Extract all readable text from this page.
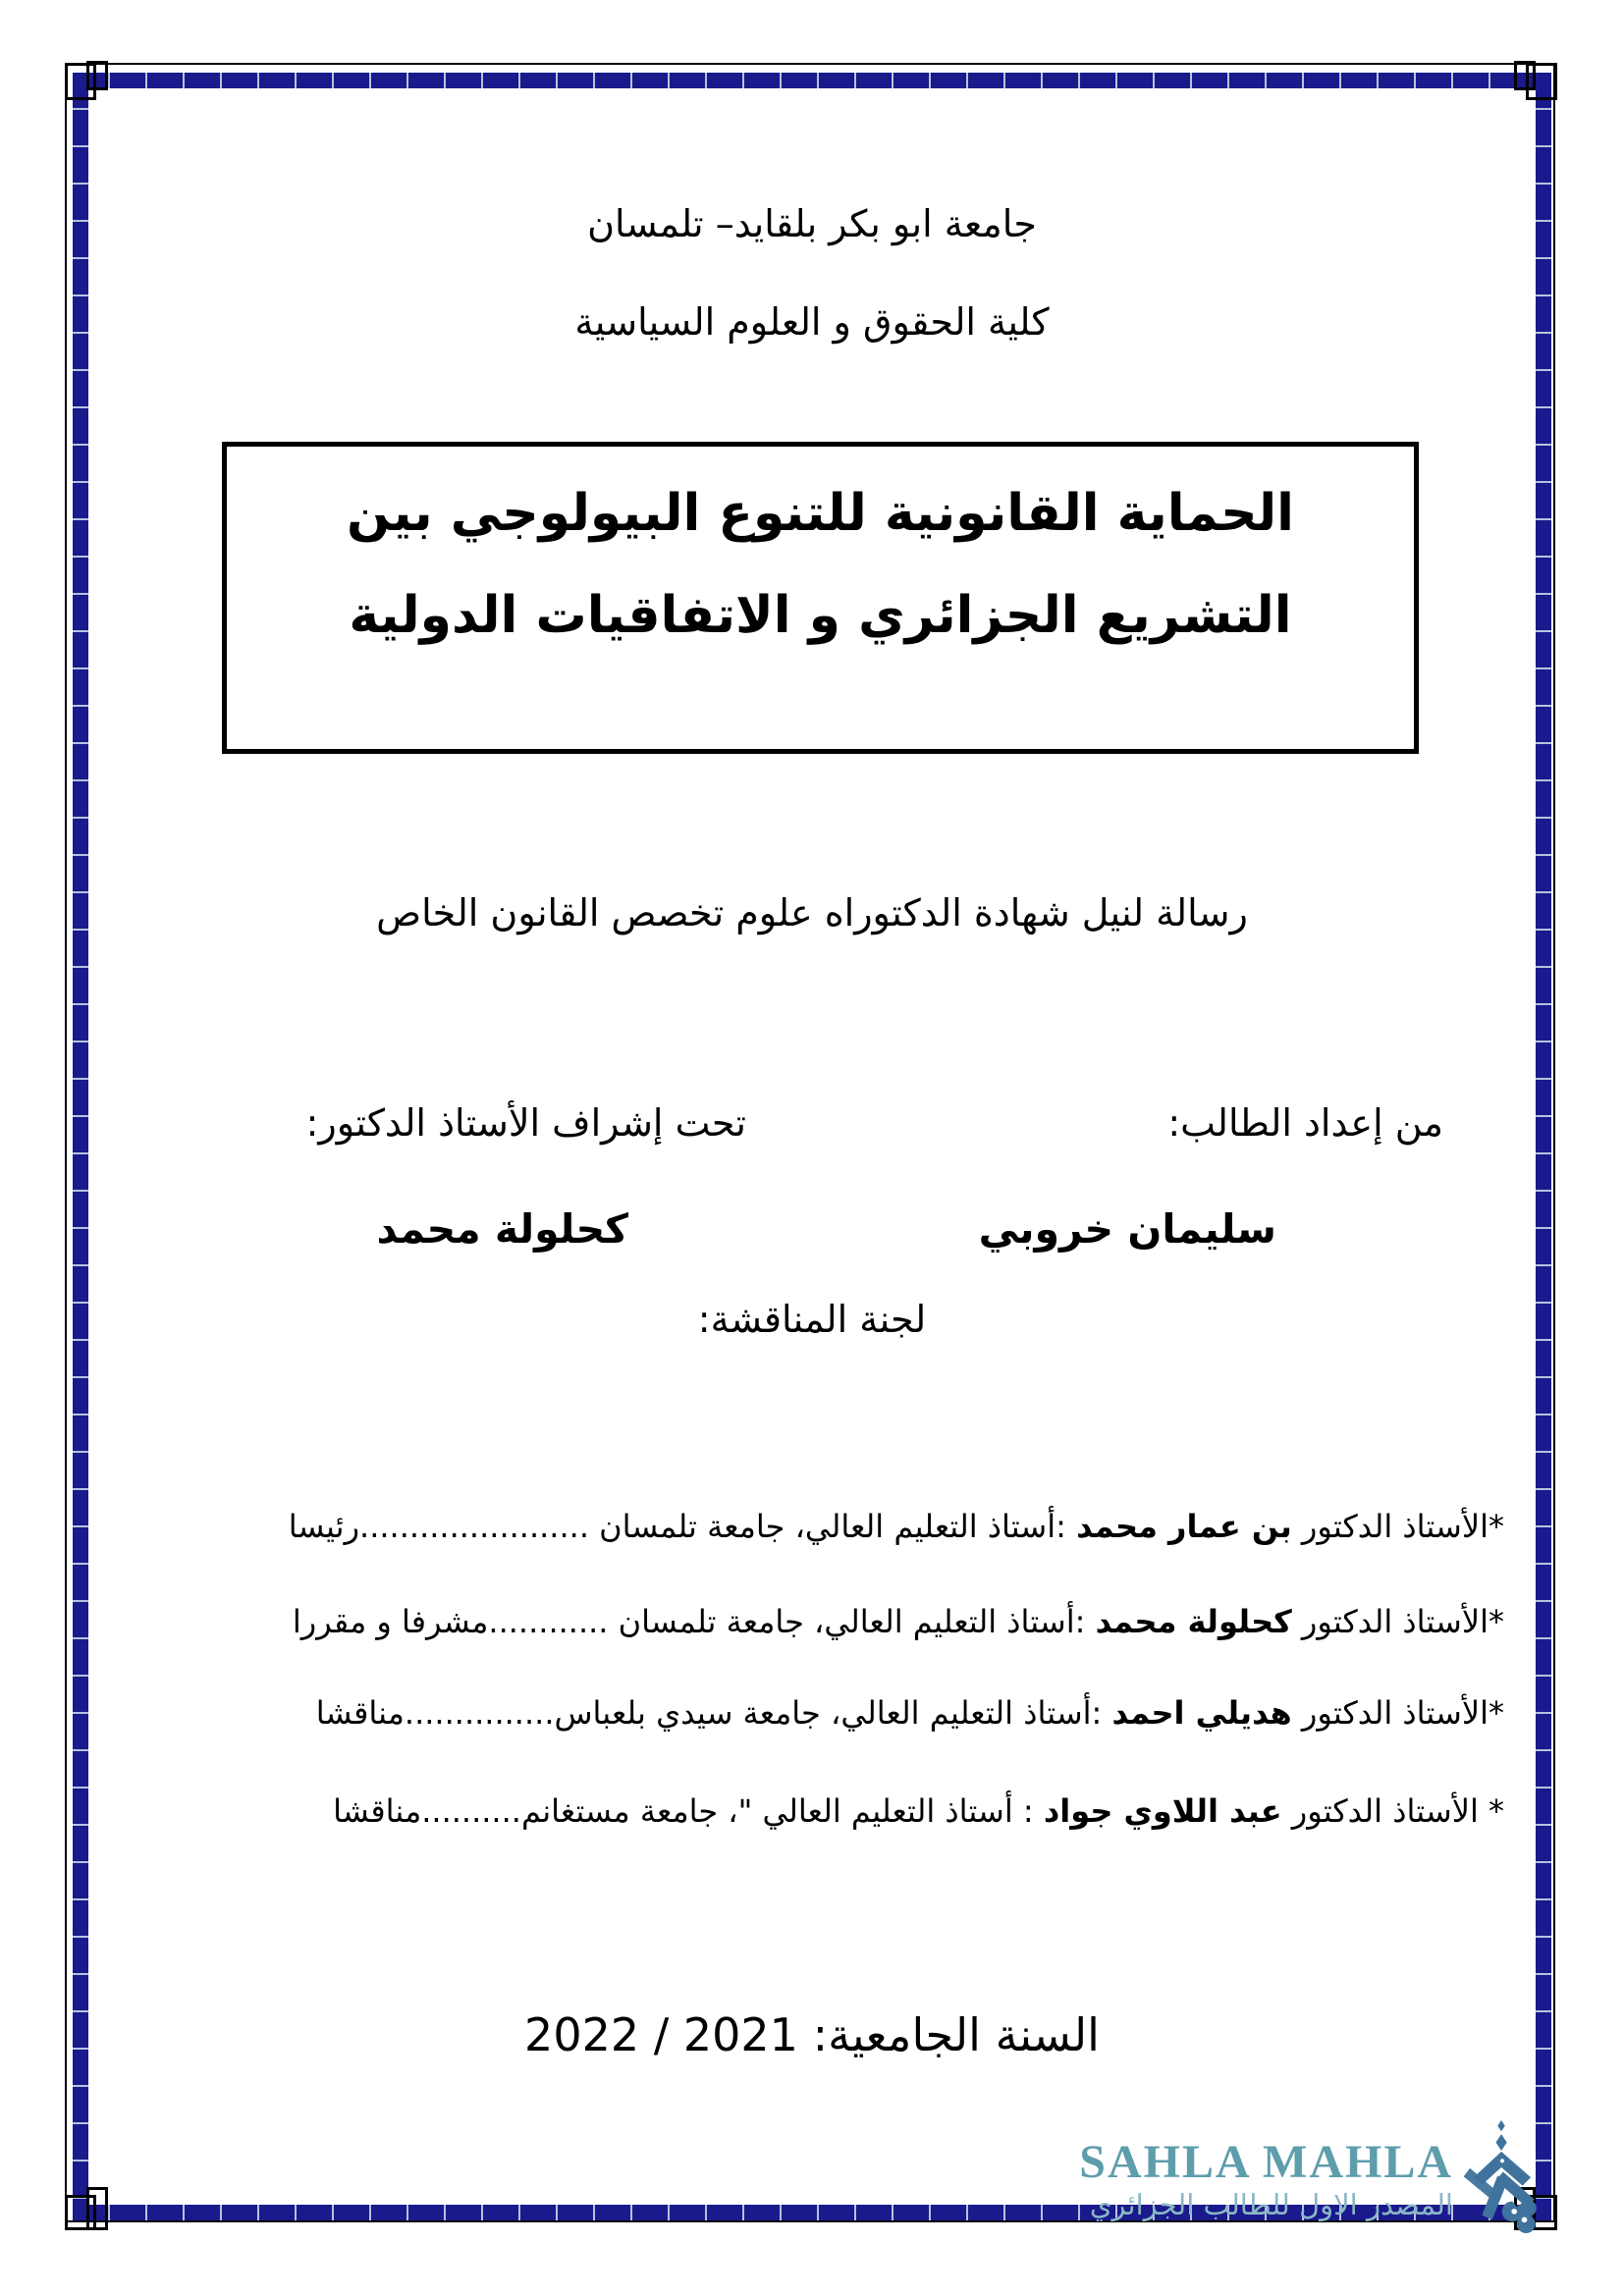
جامعة ابو بكر بلقايد– تلمسان
كلية الحقوق و العلوم السياسية
الحماية القانونية للتنوع البيولوجي بين
التشريع الجزائري و الاتفاقيات الدولية
رسالة لنيل شهادة الدكتوراه علوم تخصص القانون الخاص
من إعداد الطالب:
تحت إشراف الأستاذ الدكتور:
سليمان خروبي
كحلولة محمد
لجنة المناقشة:
*الأستاذ الدكتور بن عمار محمد :أستاذ التعليم العالي، جامعة تلمسان .......................رئيسا
*الأستاذ الدكتور كحلولة محمد :أستاذ التعليم العالي، جامعة تلمسان ............مشرفا و مقررا
*الأستاذ الدكتور هديلي احمد :أستاذ التعليم العالي، جامعة سيدي بلعباس...............مناقشا
* الأستاذ الدكتور عبد اللاوي جواد : أستاذ التعليم العالي "، جامعة مستغانم..........مناقشا
السنة الجامعية: 2021 / 2022
SAHLA MAHLA
المصدر الاول للطالب الجزائري
